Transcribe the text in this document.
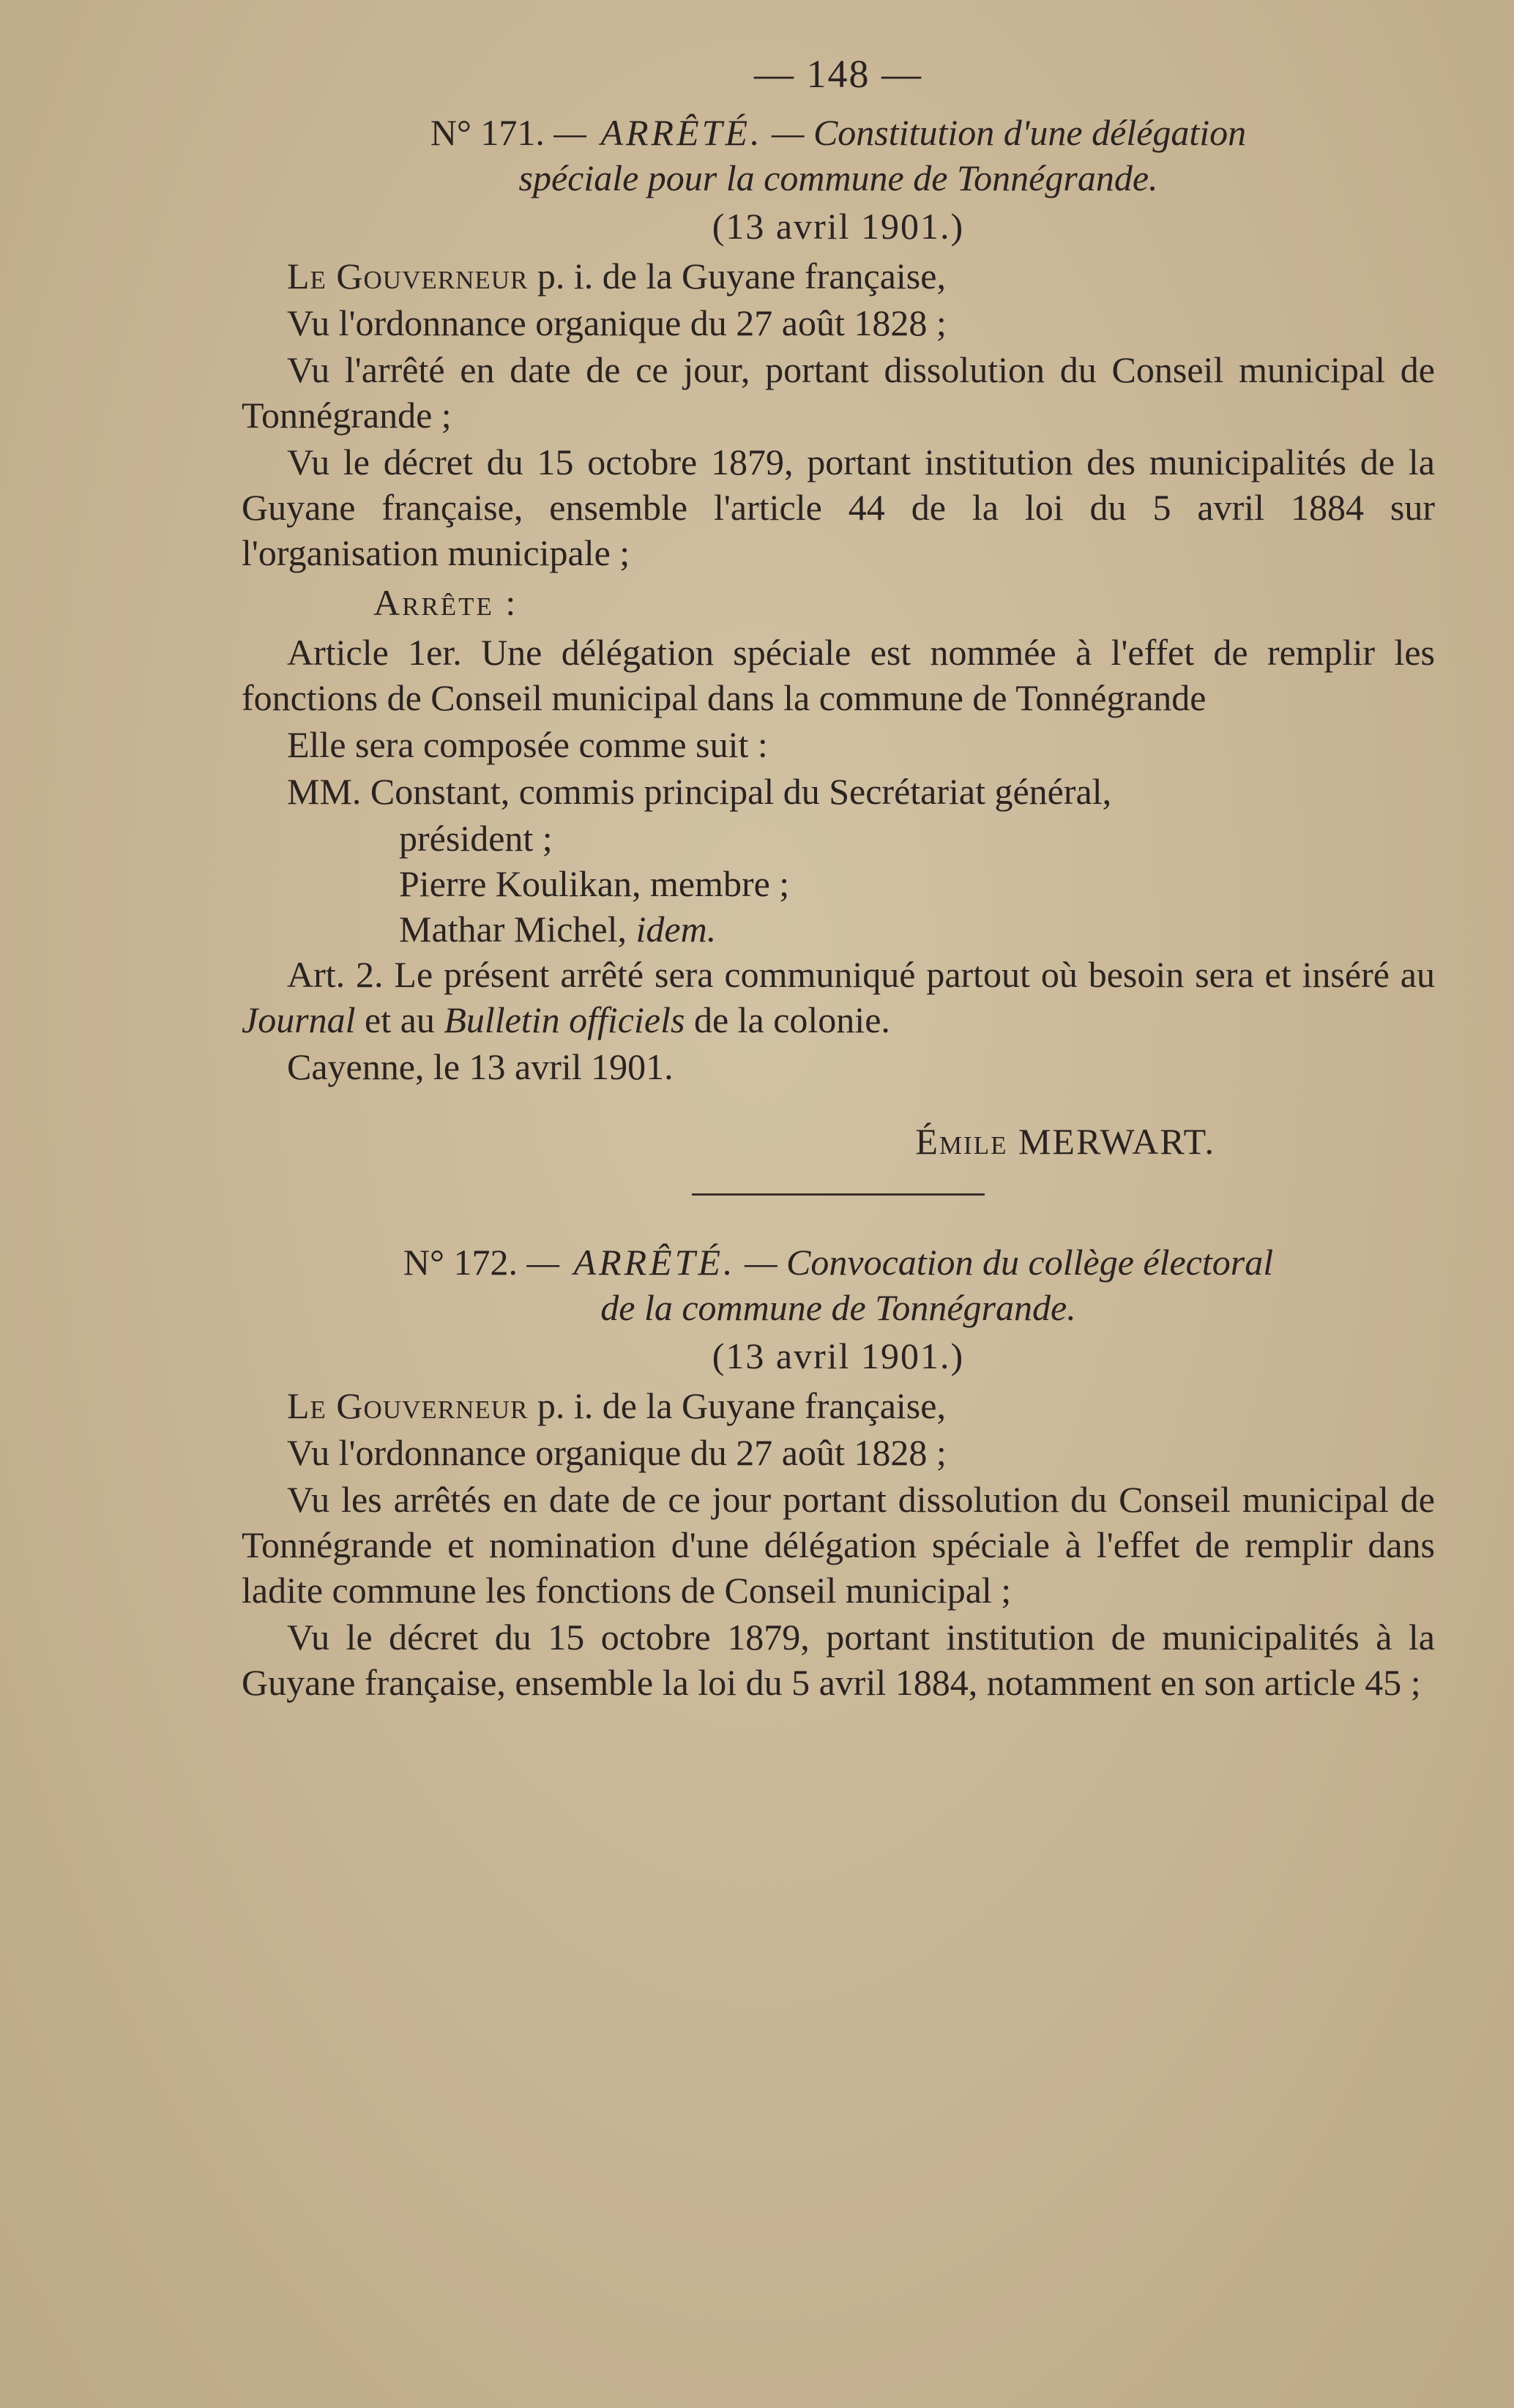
— 148 —
N° 171. — ARRÊTÉ. — Constitution d'une délégation
spéciale pour la commune de Tonnégrande.
(13 avril 1901.)

Le Gouverneur p. i. de la Guyane française,

Vu l'ordonnance organique du 27 août 1828 ;

Vu l'arrêté en date de ce jour, portant dissolution du Conseil municipal de Tonnégrande ;

Vu le décret du 15 octobre 1879, portant institution des municipalités de la Guyane française, ensemble l'article 44 de la loi du 5 avril 1884 sur l'organisation municipale ;

Arrête :

Article 1er. Une délégation spéciale est nommée à l'effet de remplir les fonctions de Conseil municipal dans la commune de Tonnégrande

Elle sera composée comme suit :

MM. Constant, commis principal du Secrétariat général,

président ;

Pierre Koulikan, membre ;

Mathar Michel, idem.

Art. 2. Le présent arrêté sera communiqué partout où besoin sera et inséré au Journal et au Bulletin officiels de la colonie.

Cayenne, le 13 avril 1901.

Émile MERWART.
N° 172. — ARRÊTÉ. — Convocation du collège électoral
de la commune de Tonnégrande.
(13 avril 1901.)

Le Gouverneur p. i. de la Guyane française,

Vu l'ordonnance organique du 27 août 1828 ;

Vu les arrêtés en date de ce jour portant dissolution du Conseil municipal de Tonnégrande et nomination d'une délégation spéciale à l'effet de remplir dans ladite commune les fonctions de Conseil municipal ;

Vu le décret du 15 octobre 1879, portant institution de municipalités à la Guyane française, ensemble la loi du 5 avril 1884, notamment en son article 45 ;
